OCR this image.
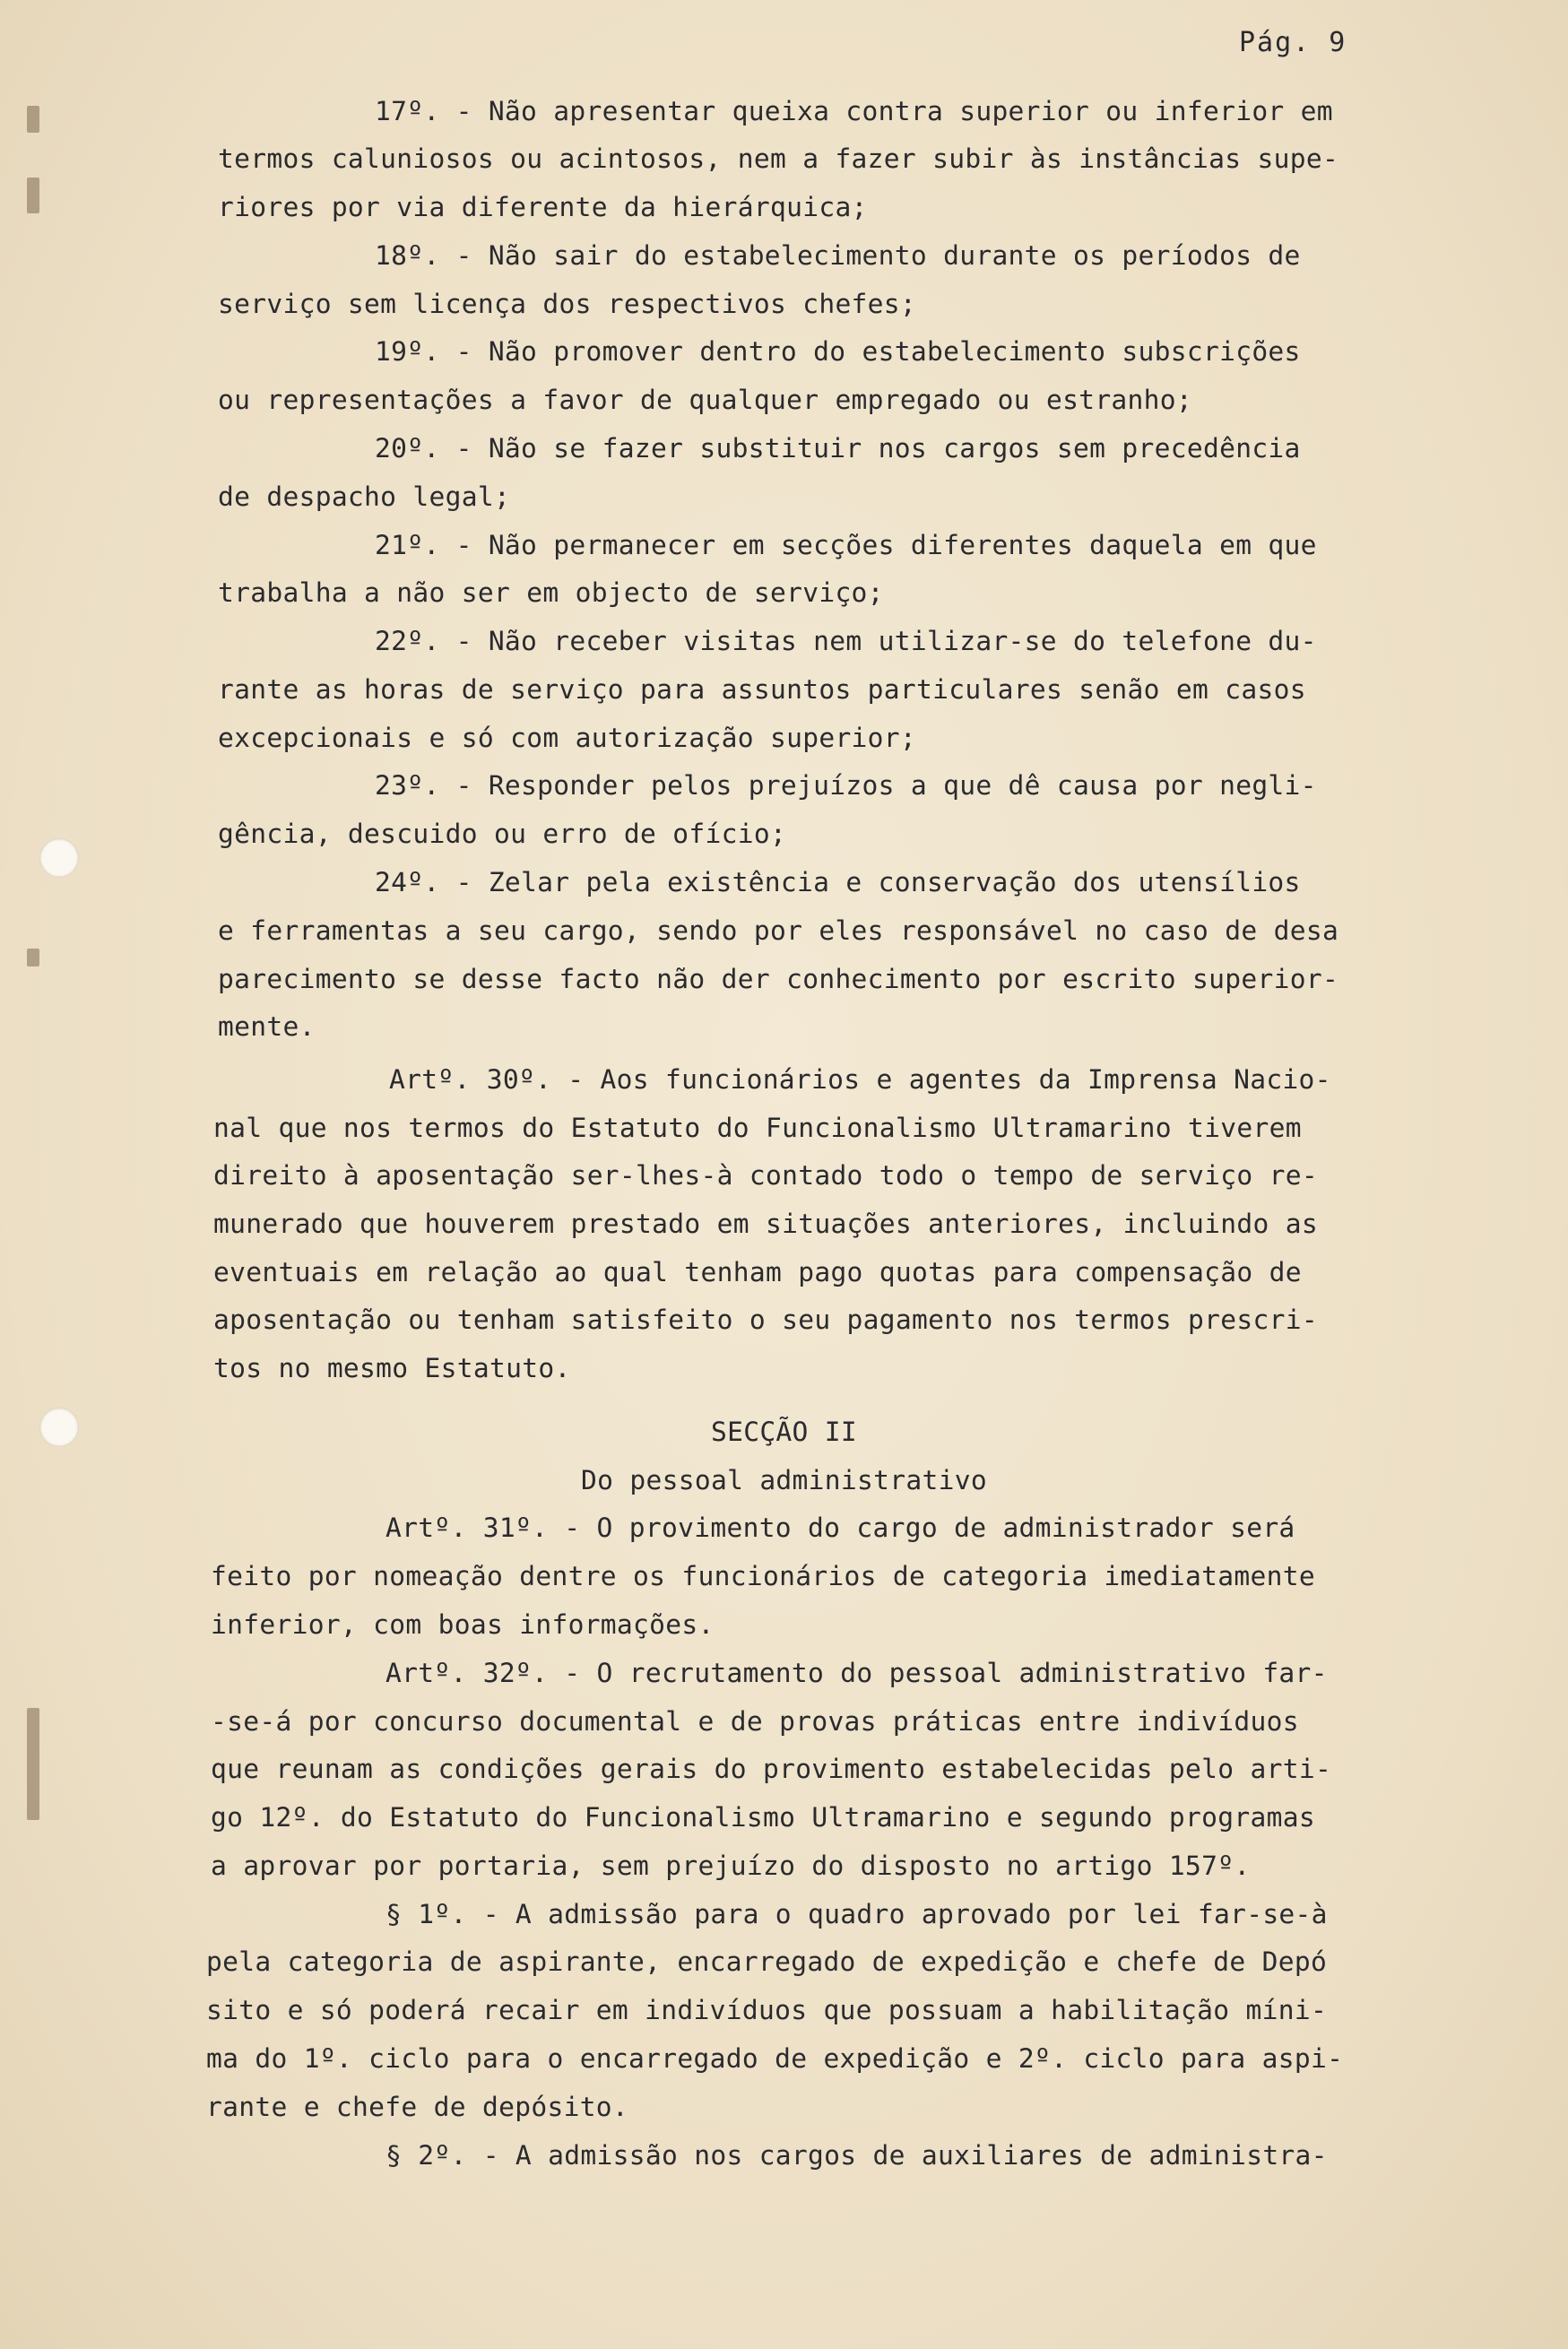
Pág. 9

17º. - Não apresentar queixa contra superior ou inferior em

termos caluniosos ou acintosos, nem a fazer subir às instâncias supe-

riores por via diferente da hierárquica;

18º. - Não sair do estabelecimento durante os períodos de

serviço sem licença dos respectivos chefes;

19º. - Não promover dentro do estabelecimento subscrições

ou representações a favor de qualquer empregado ou estranho;

20º. - Não se fazer substituir nos cargos sem precedência

de despacho legal;

21º. - Não permanecer em secções diferentes daquela em que

trabalha a não ser em objecto de serviço;

22º. - Não receber visitas nem utilizar-se do telefone du-

rante as horas de serviço para assuntos particulares senão em casos

excepcionais e só com autorização superior;

23º. - Responder pelos prejuízos a que dê causa por negli-

gência, descuido ou erro de ofício;

24º. - Zelar pela existência e conservação dos utensílios

e ferramentas a seu cargo, sendo por eles responsável no caso de desa

parecimento se desse facto não der conhecimento por escrito superior-

mente.

Artº. 30º. - Aos funcionários e agentes da Imprensa Nacio-

nal que nos termos do Estatuto do Funcionalismo Ultramarino tiverem

direito à aposentação ser-lhes-à contado todo o tempo de serviço re-

munerado que houverem prestado em situações anteriores, incluindo as

eventuais em relação ao qual tenham pago quotas para compensação de

aposentação ou tenham satisfeito o seu pagamento nos termos prescri-

tos no mesmo Estatuto.

SECÇÃO II

Do pessoal administrativo

Artº. 31º. - O provimento do cargo de administrador será

feito por nomeação dentre os funcionários de categoria imediatamente

inferior, com boas informações.

Artº. 32º. - O recrutamento do pessoal administrativo far-

-se-á por concurso documental e de provas práticas entre indivíduos

que reunam as condições gerais do provimento estabelecidas pelo arti-

go 12º. do Estatuto do Funcionalismo Ultramarino e segundo programas

a aprovar por portaria, sem prejuízo do disposto no artigo 157º.

§ 1º. - A admissão para o quadro aprovado por lei far-se-à

pela categoria de aspirante, encarregado de expedição e chefe de Depó

sito e só poderá recair em indivíduos que possuam a habilitação míni-

ma do 1º. ciclo para o encarregado de expedição e 2º. ciclo para aspi-

rante e chefe de depósito.

§ 2º. - A admissão nos cargos de auxiliares de administra-
